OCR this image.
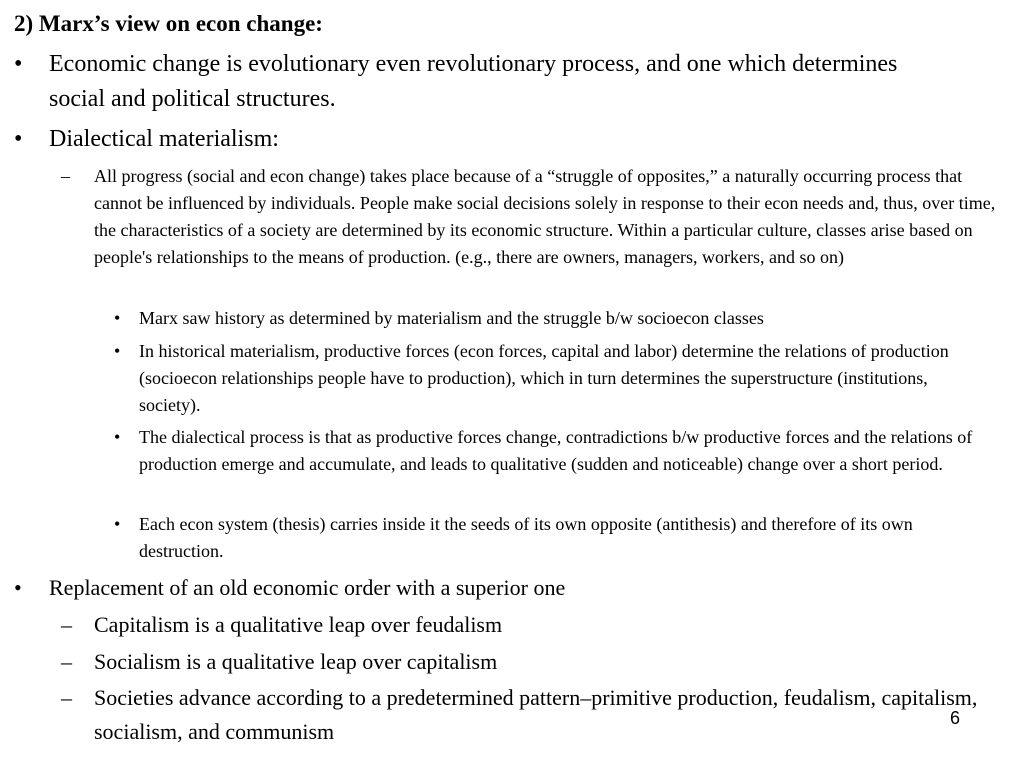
2) Marx’s view on econ change:
• Economic change is evolutionary even revolutionary process, and one which determines social and political structures.
• Dialectical materialism:
– All progress (social and econ change) takes place because of a “struggle of opposites,” a naturally occurring process that cannot be influenced by individuals. People make social decisions solely in response to their econ needs and, thus, over time, the characteristics of a society are determined by its economic structure. Within a particular culture, classes arise based on people's relationships to the means of production. (e.g., there are owners, managers, workers, and so on)
• Marx saw history as determined by materialism and the struggle b/w socioecon classes
• In historical materialism, productive forces (econ forces, capital and labor) determine the relations of production (socioecon relationships people have to production), which in turn determines the superstructure (institutions, society).
• The dialectical process is that as productive forces change, contradictions b/w productive forces and the relations of production emerge and accumulate, and leads to qualitative (sudden and noticeable) change over a short period.
• Each econ system (thesis) carries inside it the seeds of its own opposite (antithesis) and therefore of its own destruction.
• Replacement of an old economic order with a superior one
– Capitalism is a qualitative leap over feudalism
– Socialism is a qualitative leap over capitalism
– Societies advance according to a predetermined pattern–primitive production, feudalism, capitalism, socialism, and communism
6
